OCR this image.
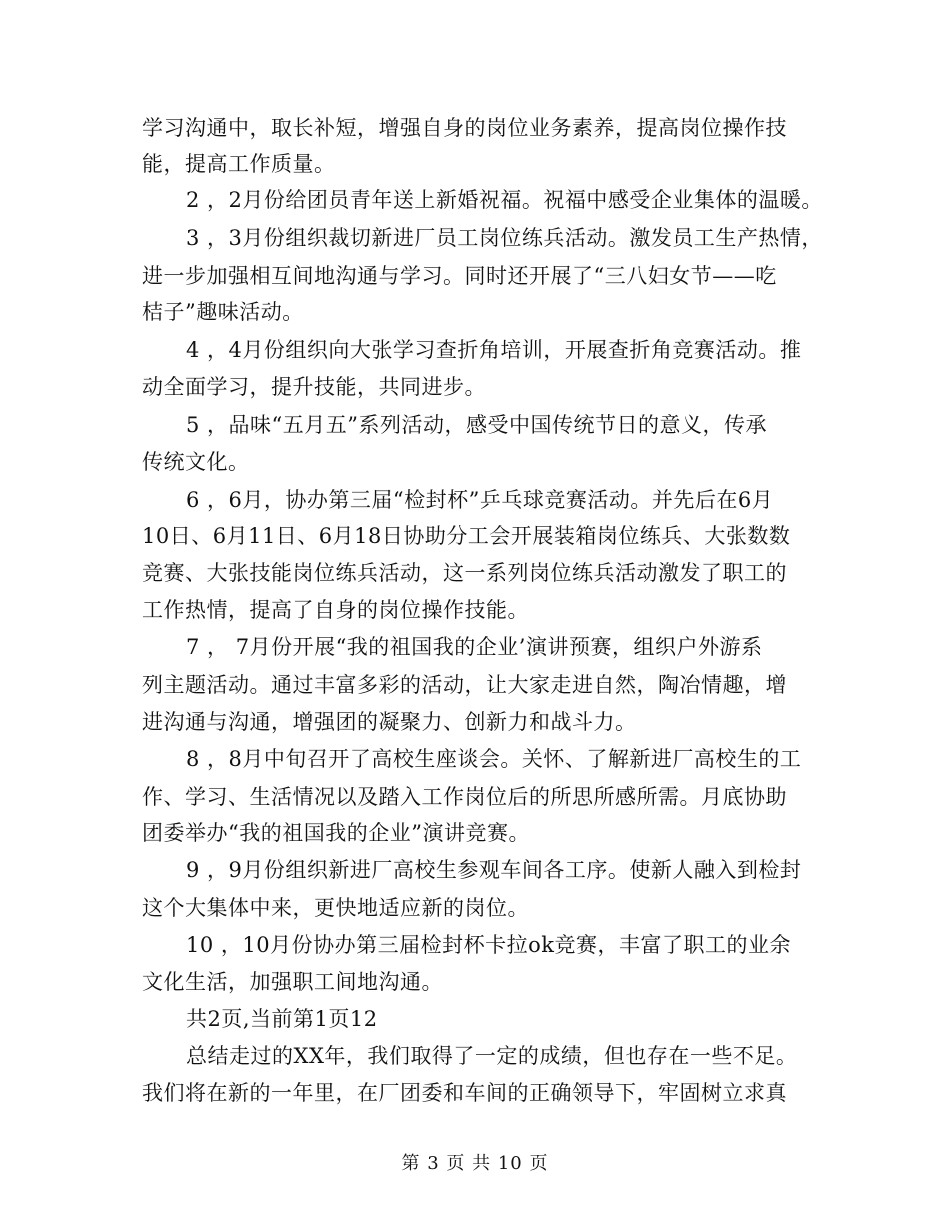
学习沟通中，取长补短，增强自身的岗位业务素养，提高岗位操作技
能，提高工作质量。
2 ，2月份给团员青年送上新婚祝福。祝福中感受企业集体的温暖。
3 ，3月份组织裁切新进厂员工岗位练兵活动。激发员工生产热情，
进一步加强相互间地沟通与学习。同时还开展了“三八妇女节——吃
桔子”趣味活动。
4 ，4月份组织向大张学习查折角培训，开展查折角竞赛活动。推
动全面学习，提升技能，共同进步。
5 ，品味“五月五”系列活动，感受中国传统节日的意义，传承
传统文化。
6 ，6月，协办第三届“检封杯”乒乓球竞赛活动。并先后在6月
10日、6月11日、6月18日协助分工会开展装箱岗位练兵、大张数数
竞赛、大张技能岗位练兵活动，这一系列岗位练兵活动激发了职工的
工作热情，提高了自身的岗位操作技能。
7 ， 7月份开展“我的祖国我的企业’演讲预赛，组织户外游系
列主题活动。通过丰富多彩的活动，让大家走进自然，陶冶情趣，增
进沟通与沟通，增强团的凝聚力、创新力和战斗力。
8 ，8月中旬召开了高校生座谈会。关怀、了解新进厂高校生的工
作、学习、生活情况以及踏入工作岗位后的所思所感所需。月底协助
团委举办“我的祖国我的企业”演讲竞赛。
9 ，9月份组织新进厂高校生参观车间各工序。使新人融入到检封
这个大集体中来，更快地适应新的岗位。
10 ，10月份协办第三届检封杯卡拉ok竞赛，丰富了职工的业余
文化生活，加强职工间地沟通。
共2页,当前第1页12
总结走过的XX年，我们取得了一定的成绩，但也存在一些不足。
我们将在新的一年里，在厂团委和车间的正确领导下，牢固树立求真
第 3 页 共 10 页
